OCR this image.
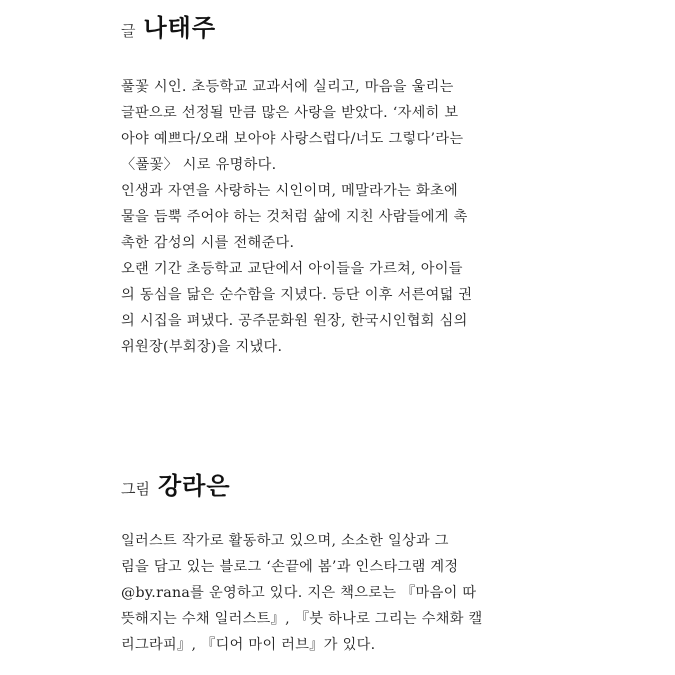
글 나태주
풀꽃 시인. 초등학교 교과서에 실리고, 마음을 울리는
글판으로 선정될 만큼 많은 사랑을 받았다. ‘자세히 보
아야 예쁘다/오래 보아야 사랑스럽다/너도 그렇다’라는
〈풀꽃〉 시로 유명하다.
인생과 자연을 사랑하는 시인이며, 메말라가는 화초에
물을 듬뿍 주어야 하는 것처럼 삶에 지친 사람들에게 촉
촉한 감성의 시를 전해준다.
오랜 기간 초등학교 교단에서 아이들을 가르쳐, 아이들
의 동심을 닮은 순수함을 지녔다. 등단 이후 서른여덟 권
의 시집을 펴냈다. 공주문화원 원장, 한국시인협회 심의
위원장(부회장)을 지냈다.
그림 강라은
일러스트 작가로 활동하고 있으며, 소소한 일상과 그
림을 담고 있는 블로그 ‘손끝에 봄’과 인스타그램 계정
@by.rana를 운영하고 있다. 지은 책으로는 『마음이 따
뜻해지는 수채 일러스트』, 『붓 하나로 그리는 수채화 캘
리그라피』, 『디어 마이 러브』가 있다.
